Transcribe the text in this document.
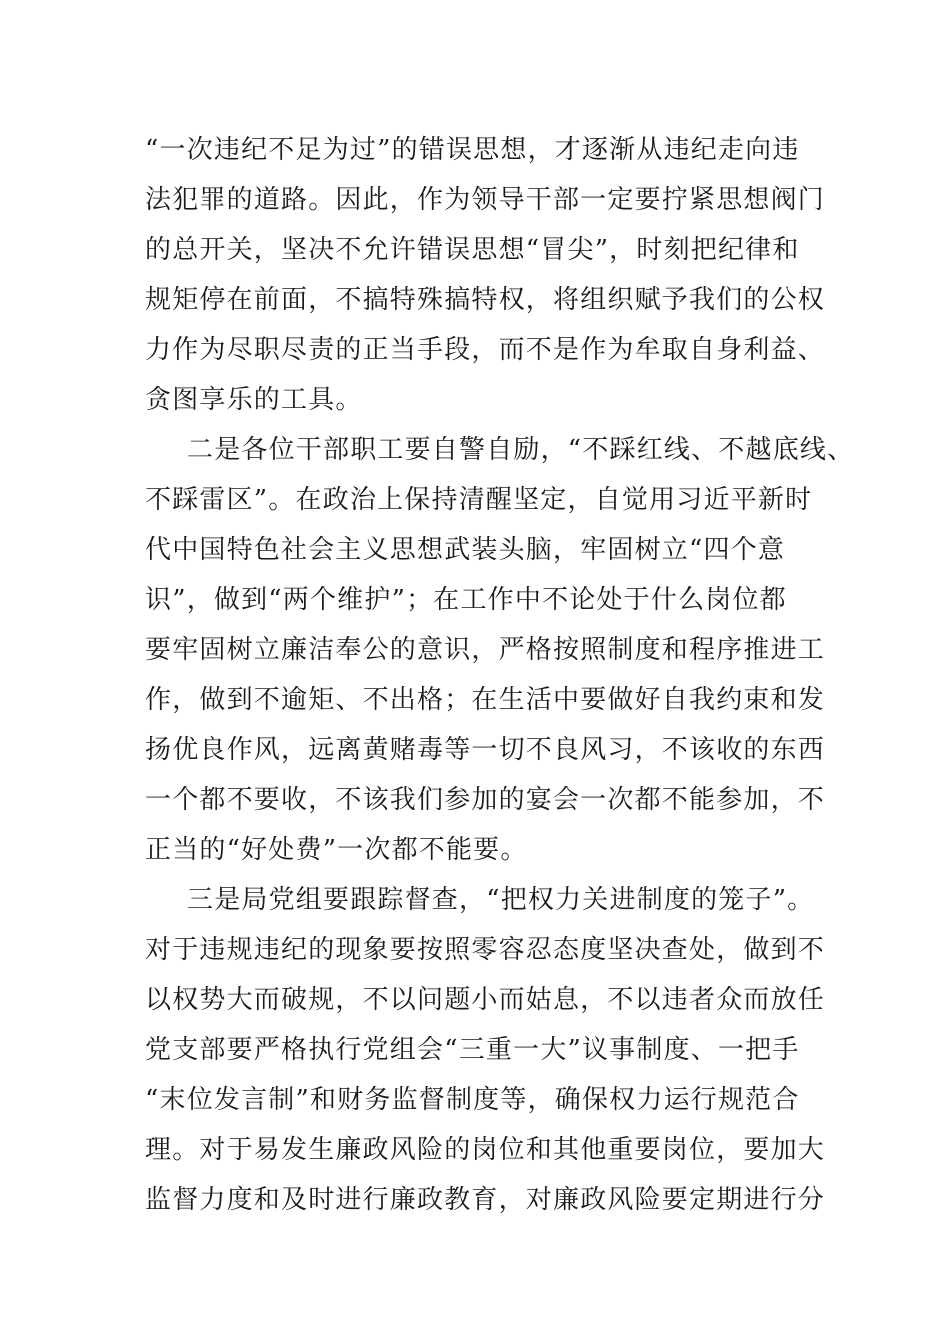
“一次违纪不足为过”的错误思想，才逐渐从违纪走向违
法犯罪的道路。因此，作为领导干部一定要拧紧思想阀门
的总开关，坚决不允许错误思想“冒尖”，时刻把纪律和
规矩停在前面，不搞特殊搞特权，将组织赋予我们的公权
力作为尽职尽责的正当手段，而不是作为牟取自身利益、
贪图享乐的工具。
二是各位干部职工要自警自励，“不踩红线、不越底线、
不踩雷区”。在政治上保持清醒坚定，自觉用习近平新时
代中国特色社会主义思想武装头脑，牢固树立“四个意
识”，做到“两个维护”；在工作中不论处于什么岗位都
要牢固树立廉洁奉公的意识，严格按照制度和程序推进工
作，做到不逾矩、不出格；在生活中要做好自我约束和发
扬优良作风，远离黄赌毒等一切不良风习，不该收的东西
一个都不要收，不该我们参加的宴会一次都不能参加，不
正当的“好处费”一次都不能要。
三是局党组要跟踪督查，“把权力关进制度的笼子”。
对于违规违纪的现象要按照零容忍态度坚决查处，做到不
以权势大而破规，不以问题小而姑息，不以违者众而放任
党支部要严格执行党组会“三重一大”议事制度、一把手
“末位发言制”和财务监督制度等，确保权力运行规范合
理。对于易发生廉政风险的岗位和其他重要岗位，要加大
监督力度和及时进行廉政教育，对廉政风险要定期进行分
